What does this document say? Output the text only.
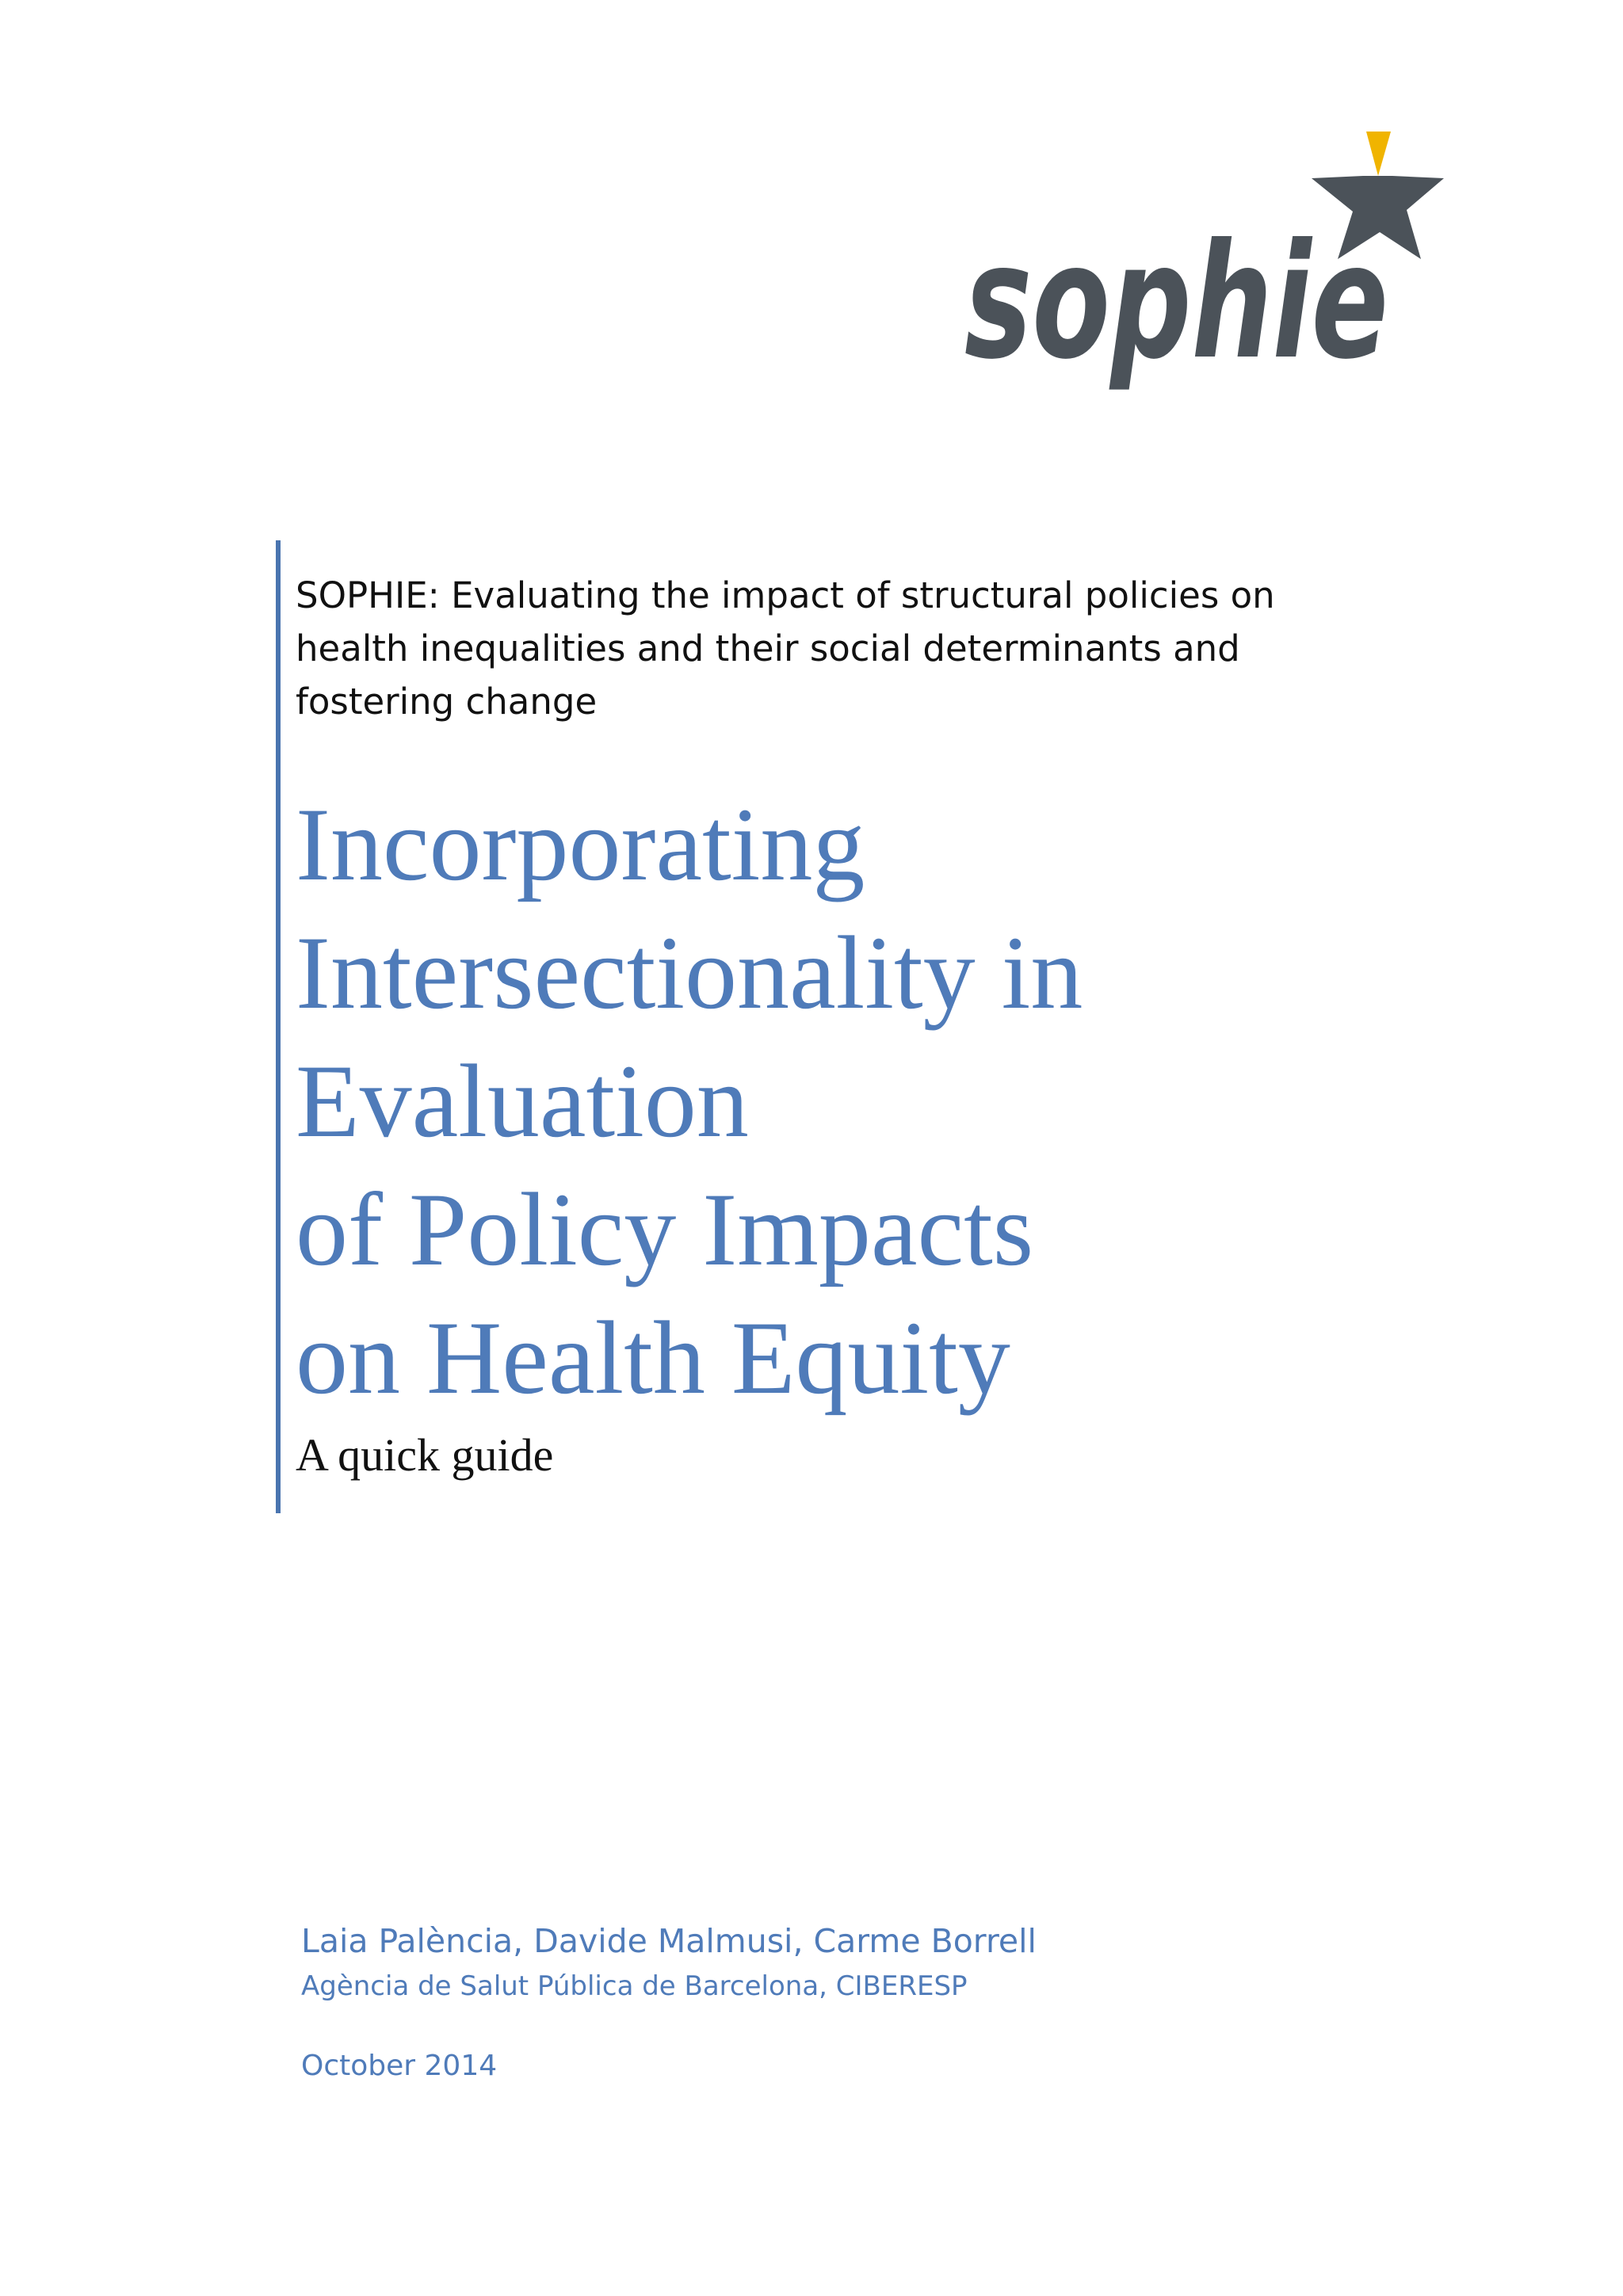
sophie

SOPHIE: Evaluating the impact of structural policies on health inequalities and their social determinants and fostering change

Incorporating
Intersectionality in
Evaluation
of Policy Impacts
on Health Equity

A quick guide

Laia Palència, Davide Malmusi, Carme Borrell
Agència de Salut Pública de Barcelona, CIBERESP
October 2014
